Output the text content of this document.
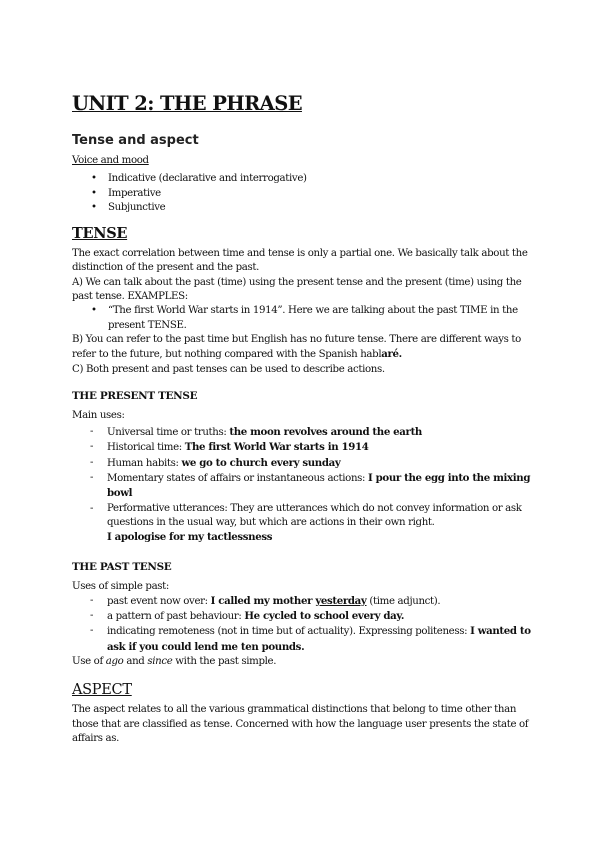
UNIT 2: THE PHRASE
Tense and aspect

Voice and mood

• Indicative (declarative and interrogative)
• Imperative
• Subjunctive
TENSE

The exact correlation between time and tense is only a partial one. We basically talk about the distinction of the present and the past.

A) We can talk about the past (time) using the present tense and the present (time) using the past tense. EXAMPLES:

• “The first World War starts in 1914”. Here we are talking about the past TIME in the present TENSE.

B) You can refer to the past time but English has no future tense. There are different ways to refer to the future, but nothing compared with the Spanish hablaré.

C) Both present and past tenses can be used to describe actions.

THE PRESENT TENSE

Main uses:

- Universal time or truths: the moon revolves around the earth
- Historical time: The first World War starts in 1914
- Human habits: we go to church every sunday
- Momentary states of affairs or instantaneous actions: I pour the egg into the mixing bowl
- Performative utterances: They are utterances which do not convey information or ask questions in the usual way, but which are actions in their own right.
I apologise for my tactlessness
THE PAST TENSE

Uses of simple past:

- past event now over: I called my mother yesterday (time adjunct).
- a pattern of past behaviour: He cycled to school every day.
- indicating remoteness (not in time but of actuality). Expressing politeness: I wanted to ask if you could lend me ten pounds.

Use of ago and since with the past simple.

ASPECT

The aspect relates to all the various grammatical distinctions that belong to time other than those that are classified as tense. Concerned with how the language user presents the state of affairs as.
